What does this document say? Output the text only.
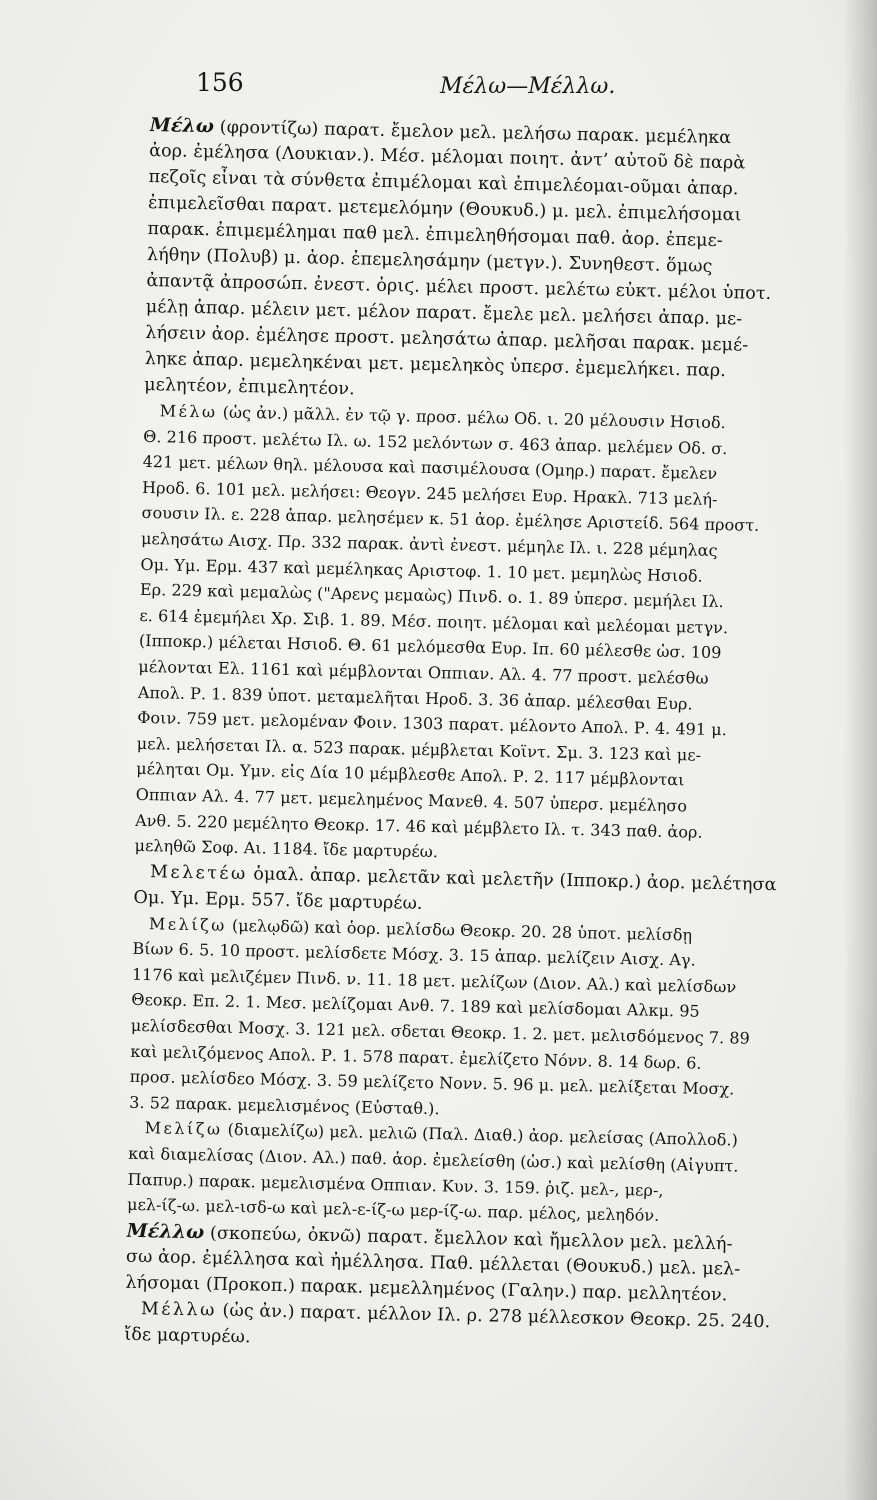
156	Μέλω—Μέλλω.
Μέλω (φροντίζω) παρατ. ἔμελον μελ. μελήσω παρακ. μεμέληκα
ἀορ. ἐμέλησα (Λουκιαν.). Μέσ. μέλομαι ποιητ. ἀντ’ αὐτοῦ δὲ παρὰ
πεζοῖς εἶναι τὰ σύνθετα ἐπιμέλομαι καὶ ἐπιμελέομαι-οῦμαι ἀπαρ.
ἐπιμελεῖσθαι παρατ. μετεμελόμην (Θουκυδ.) μ. μελ. ἐπιμελήσομαι
παρακ. ἐπιμεμέλημαι παθ μελ. ἐπιμεληθήσομαι παθ. ἀορ. ἐπεμε-
λήθην (Πολυβ) μ. ἀορ. ἐπεμελησάμην (μετγν.). Συνηθεστ. ὅμως
ἀπαντᾷ ἀπροσώπ. ἐνεστ. ὁριϛ. μέλει προστ. μελέτω εὐκτ. μέλοι ὑποτ.
μέλῃ ἀπαρ. μέλειν μετ. μέλον παρατ. ἔμελε μελ. μελήσει ἀπαρ. με-
λήσειν ἀορ. ἐμέλησε προστ. μελησάτω ἀπαρ. μελῆσαι παρακ. μεμέ-
ληκε ἀπαρ. μεμεληκέναι μετ. μεμεληκὸς ὑπερσ. ἐμεμελήκει. παρ.
μελητέον, ἐπιμελητέον.
Μέλω (ὡς ἀν.) μᾶλλ. ἐν τῷ γ. προσ. μέλω Οδ. ι. 20 μέλουσιν Ησιοδ.
Θ. 216 προστ. μελέτω Ιλ. ω. 152 μελόντων σ. 463 ἀπαρ. μελέμεν Οδ. σ.
421 μετ. μέλων θηλ. μέλουσα καὶ πασιμέλουσα (Ομηρ.) παρατ. ἔμελεν
Ηροδ. 6. 101 μελ. μελήσει: Θεογν. 245 μελήσει Ευρ. Ηρακλ. 713 μελή-
σουσιν Ιλ. ε. 228 ἀπαρ. μελησέμεν κ. 51 ἀορ. ἐμέλησε Αριστείδ. 564 προστ.
μελησάτω Αισχ. Πρ. 332 παρακ. ἀντὶ ἐνεστ. μέμηλε Ιλ. ι. 228 μέμηλας
Ομ. Υμ. Ερμ. 437 καὶ μεμέληκας Αριστοφ. 1. 10 μετ. μεμηλὼς Ησιοδ.
Ερ. 229 καὶ μεμαλὼς ("Αρενς μεμαὼς) Πινδ. ο. 1. 89 ὑπερσ. μεμήλει Ιλ.
ε. 614 ἐμεμήλει Χρ. Σιβ. 1. 89. Μέσ. ποιητ. μέλομαι καὶ μελέομαι μετγν.
(Ιπποκρ.) μέλεται Ησιοδ. Θ. 61 μελόμεσθα Ευρ. Ιπ. 60 μέλεσθε ὡσ. 109
μέλονται Ελ. 1161 καὶ μέμβλονται Οππιαν. Αλ. 4. 77 προστ. μελέσθω
Απολ. Ρ. 1. 839 ὑποτ. μεταμελῆται Ηροδ. 3. 36 ἀπαρ. μέλεσθαι Ευρ.
Φοιν. 759 μετ. μελομέναν Φοιν. 1303 παρατ. μέλοντο Απολ. Ρ. 4. 491 μ.
μελ. μελήσεται Ιλ. α. 523 παρακ. μέμβλεται Κοϊντ. Σμ. 3. 123 καὶ με-
μέληται Ομ. Υμν. εἰς Δία 10 μέμβλεσθε Απολ. Ρ. 2. 117 μέμβλονται
Οππιαν Αλ. 4. 77 μετ. μεμελημένος Μανεθ. 4. 507 ὑπερσ. μεμέλησο
Ανθ. 5. 220 μεμέλητο Θεοκρ. 17. 46 καὶ μέμβλετο Ιλ. τ. 343 παθ. ἀορ.
μεληθῶ Σοφ. Αι. 1184. ἴδε μαρτυρέω.
Μελετέω ὁμαλ. ἀπαρ. μελετᾶν καὶ μελετῆν (Ιπποκρ.) ἀορ. μελέτησα
Ομ. Υμ. Ερμ. 557. ἴδε μαρτυρέω.
Μελίζω (μελῳδῶ) καὶ ὁορ. μελίσδω Θεοκρ. 20. 28 ὑποτ. μελίσδῃ
Βίων 6. 5. 10 προστ. μελίσδετε Μόσχ. 3. 15 ἀπαρ. μελίζειν Αισχ. Αγ.
1176 καὶ μελιζέμεν Πινδ. ν. 11. 18 μετ. μελίζων (Διον. Αλ.) καὶ μελίσδων
Θεοκρ. Επ. 2. 1. Μεσ. μελίζομαι Ανθ. 7. 189 καὶ μελίσδομαι Αλκμ. 95
μελίσδεσθαι Μοσχ. 3. 121 μελ. σδεται Θεοκρ. 1. 2. μετ. μελισδόμενος 7. 89
καὶ μελιζόμενος Απολ. Ρ. 1. 578 παρατ. ἐμελίζετο Νόνν. 8. 14 δωρ. 6.
προσ. μελίσδεο Μόσχ. 3. 59 μελίζετο Νονν. 5. 96 μ. μελ. μελίξεται Μοσχ.
3. 52 παρακ. μεμελισμένος (Εὐσταθ.).
Μελίζω (διαμελίζω) μελ. μελιῶ (Παλ. Διαθ.) ἀορ. μελείσας (Απολλοδ.)
καὶ διαμελίσας (Διον. Αλ.) παθ. ἀορ. ἐμελείσθη (ὡσ.) καὶ μελίσθη (Αἰγυπτ.
Παπυρ.) παρακ. μεμελισμένα Οππιαν. Κυν. 3. 159. ῥιζ. μελ-, μερ-,
μελ-ίζ-ω. μελ-ισδ-ω καὶ μελ-ε-ίζ-ω μερ-ίζ-ω. παρ. μέλος, μεληδόν.
Μέλλω (σκοπεύω, ὀκνῶ) παρατ. ἔμελλον καὶ ἤμελλον μελ. μελλή-
σω ἀορ. ἐμέλλησα καὶ ἠμέλλησα. Παθ. μέλλεται (Θουκυδ.) μελ. μελ-
λήσομαι (Προκοπ.) παρακ. μεμελλημένος (Γαλην.) παρ. μελλητέον.
Μέλλω (ὡς ἀν.) παρατ. μέλλον Ιλ. ρ. 278 μέλλεσκον Θεοκρ. 25. 240.
ἴδε μαρτυρέω.
